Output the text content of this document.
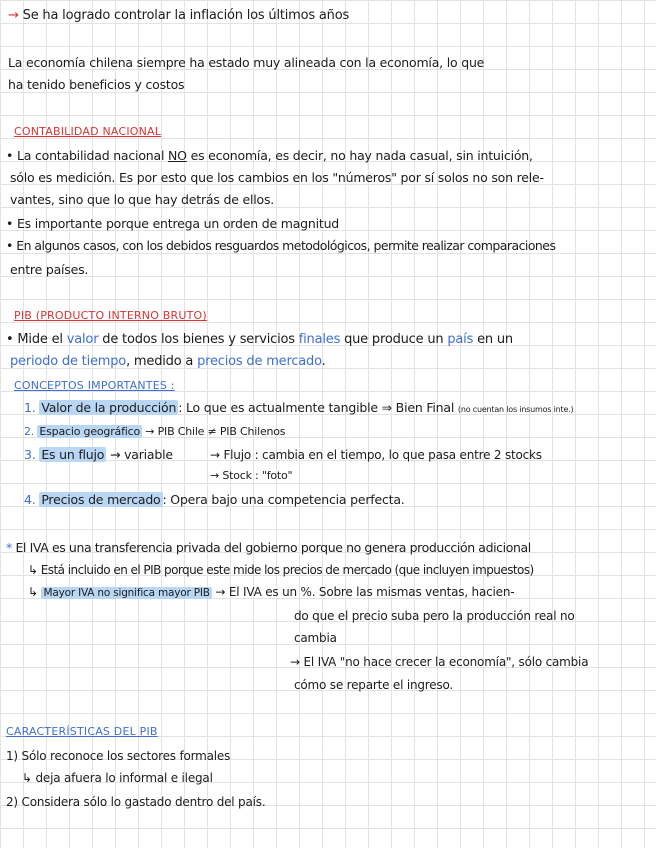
→ Se ha logrado controlar la inflación los últimos años
La economía chilena siempre ha estado muy alineada con la economía, lo que
ha tenido beneficios y costos
CONTABILIDAD NACIONAL
• La contabilidad nacional NO es economía, es decir, no hay nada casual, sin intuición,
sólo es medición. Es por esto que los cambios en los "números" por sí solos no son rele-
vantes, sino que lo que hay detrás de ellos.
• Es importante porque entrega un orden de magnitud
• En algunos casos, con los debidos resguardos metodológicos, permite realizar comparaciones
entre países.
PIB (PRODUCTO INTERNO BRUTO)
• Mide el valor de todos los bienes y servicios finales que produce un país en un
periodo de tiempo, medido a precios de mercado.
CONCEPTOS IMPORTANTES :
1. Valor de la producción : Lo que es actualmente tangible ⇒ Bien Final (no cuentan los insumos inte.)
2. Espacio geográfico → PIB Chile ≠ PIB Chilenos
3. Es un flujo → variable	→ Flujo : cambia en el tiempo, lo que pasa entre 2 stocks
→ Stock : "foto"
4. Precios de mercado : Opera bajo una competencia perfecta.
* El IVA es una transferencia privada del gobierno porque no genera producción adicional
↳ Está incluido en el PIB porque este mide los precios de mercado (que incluyen impuestos)
↳ Mayor IVA no significa mayor PIB → El IVA es un %. Sobre las mismas ventas, hacien-
do que el precio suba pero la producción real no
cambia
→ El IVA "no hace crecer la economía", sólo cambia
cómo se reparte el ingreso.
CARACTERÍSTICAS DEL PIB
1) Sólo reconoce los sectores formales
↳ deja afuera lo informal e ilegal
2) Considera sólo lo gastado dentro del país.
